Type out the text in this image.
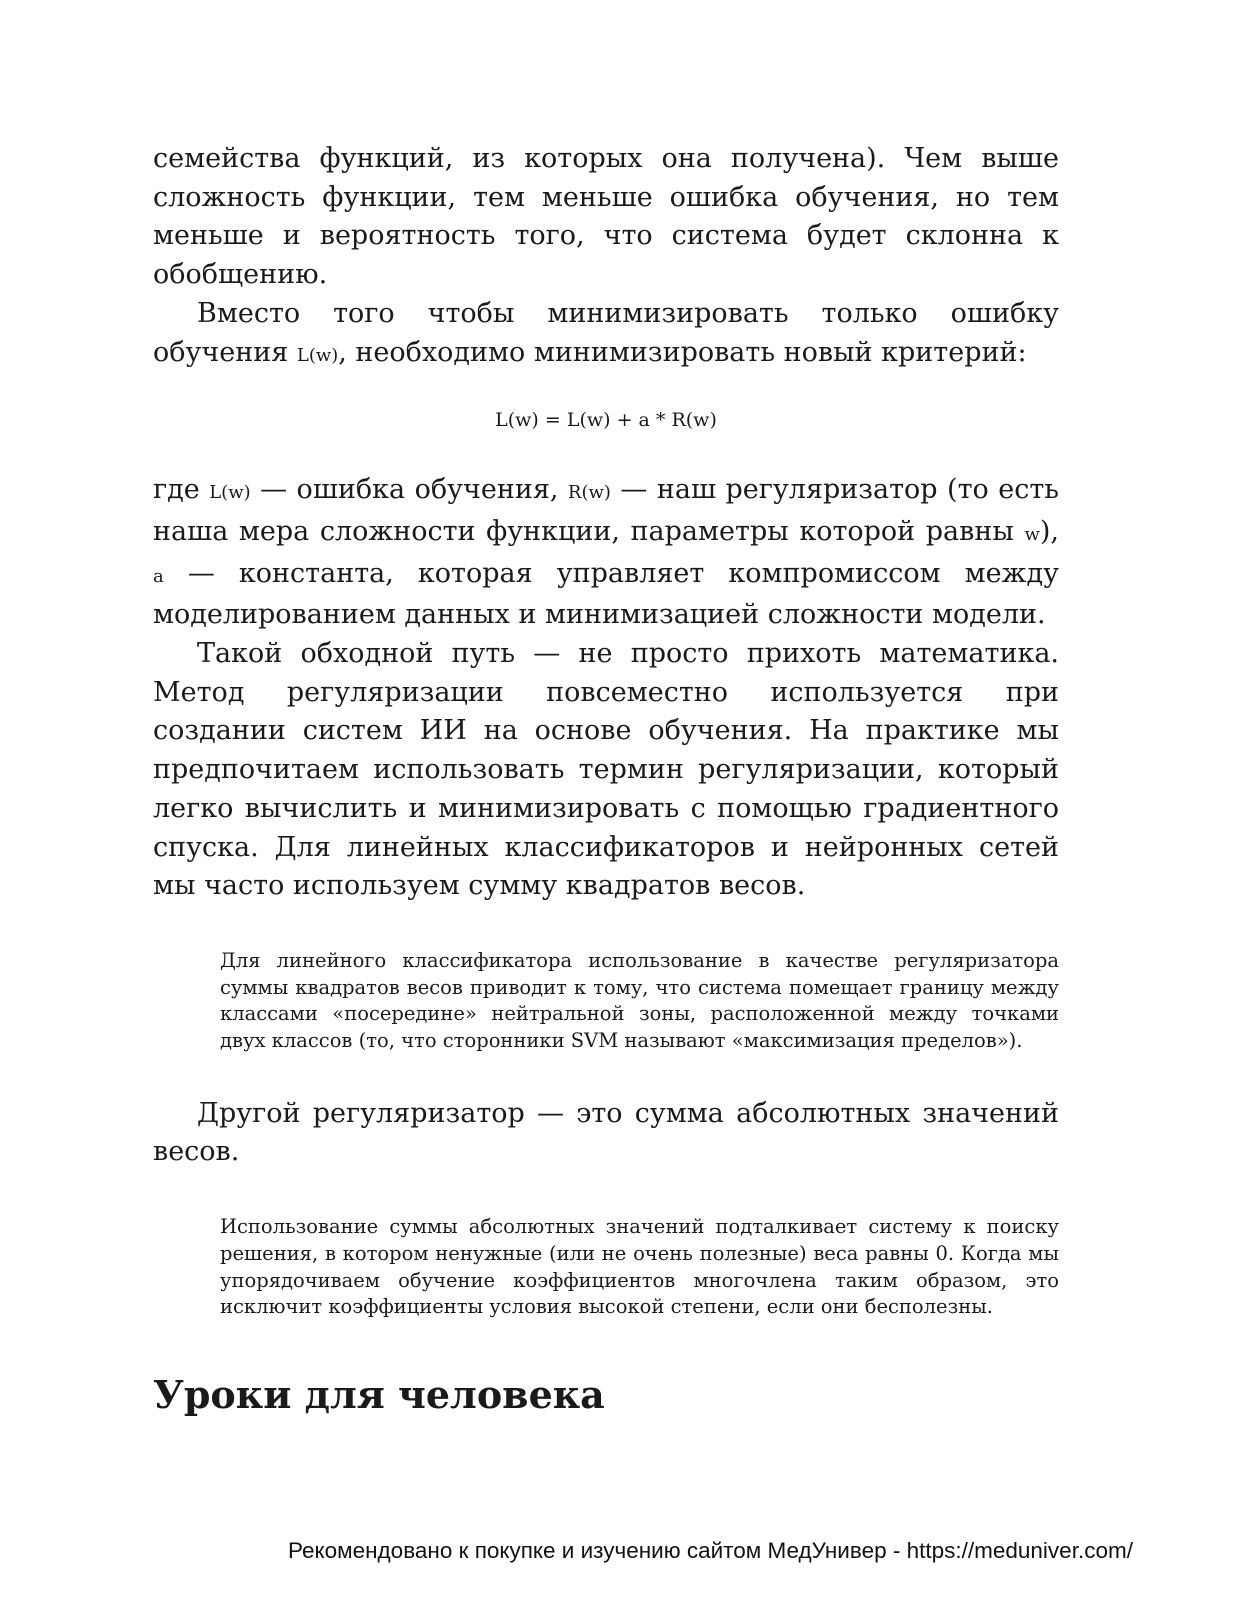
семейства функций, из которых она получена). Чем выше сложность функции, тем меньше ошибка обучения, но тем меньше и вероятность того, что система будет склонна к обобщению.

Вместо того чтобы минимизировать только ошибку обучения L(w), необходимо минимизировать новый критерий:

L(w) = L(w) + a * R(w)

где L(w) — ошибка обучения, R(w) — наш регуляризатор (то есть наша мера сложности функции, параметры которой равны w), a — константа, которая управляет компромиссом между моделированием данных и минимизацией сложности модели.

Такой обходной путь — не просто прихоть математика. Метод регуляризации повсеместно используется при создании систем ИИ на основе обучения. На практике мы предпочитаем использовать термин регуляризации, который легко вычислить и минимизировать с помощью градиентного спуска. Для линейных классификаторов и нейронных сетей мы часто используем сумму квадратов весов.

Для линейного классификатора использование в качестве регуляризатора суммы квадратов весов приводит к тому, что система помещает границу между классами «посередине» нейтральной зоны, расположенной между точками двух классов (то, что сторонники SVM называют «максимизация пределов»).

Другой регуляризатор — это сумма абсолютных значений весов.

Использование суммы абсолютных значений подталкивает систему к поиску решения, в котором ненужные (или не очень полезные) веса равны 0. Когда мы упорядочиваем обучение коэффициентов многочлена таким образом, это исключит коэффициенты условия высокой степени, если они бесполезны.

Уроки для человека
Рекомендовано к покупке и изучению сайтом МедУнивер - https://meduniver.com/
